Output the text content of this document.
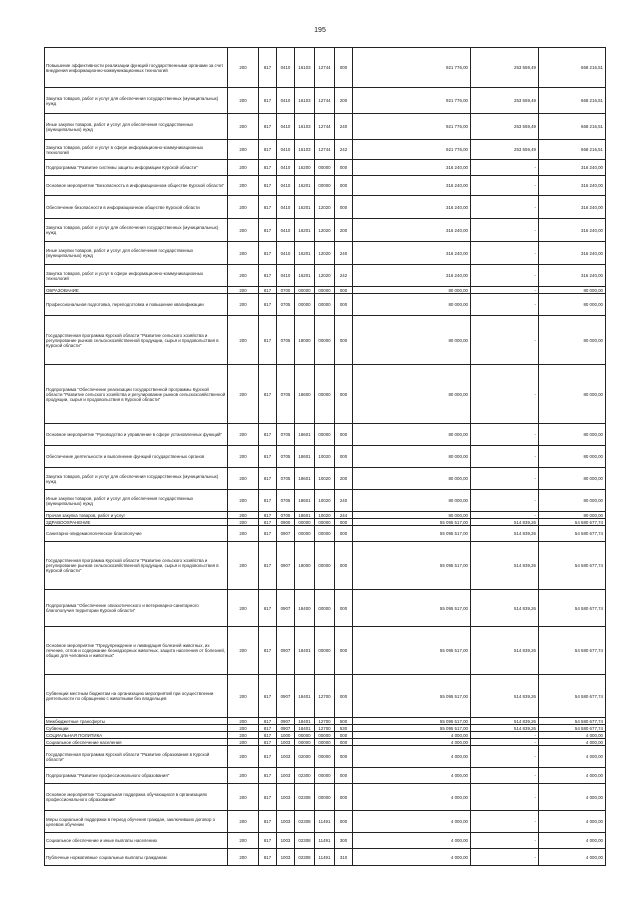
195
Повышение эффективности реализации функций государственными органами за счет внедрения информационно-коммуникационных технологий	200	817	0410	16103	12744	000	921 776,00	253 559,49	668 216,51
Закупка товаров, работ и услуг для обеспечения государственных (муниципальных) нужд	200	817	0410	16103	12744	200	921 776,00	253 559,49	668 216,51
Иные закупки товаров, работ и услуг для обеспечения государственных (муниципальных) нужд	200	817	0410	16103	12744	240	921 776,00	253 559,49	668 216,51
Закупка товаров, работ и услуг в сфере информационно-коммуникационных технологий	200	817	0410	16103	12744	242	921 776,00	253 559,49	668 216,51
Подпрограмма "Развитие системы защиты информации Курской области"	200	817	0410	16200	00000	000	316 240,00	-	316 240,00
Основное мероприятие "Безопасность в информационном обществе Курской области"	200	817	0410	16201	00000	000	316 240,00	-	316 240,00
Обеспечение безопасности в информационном обществе Курской области	200	817	0410	16201	12020	000	316 240,00	-	316 240,00
Закупка товаров, работ и услуг для обеспечения государственных (муниципальных) нужд	200	817	0410	16201	12020	200	316 240,00	-	316 240,00
Иные закупки товаров, работ и услуг для обеспечения государственных (муниципальных) нужд	200	817	0410	16201	12020	240	316 240,00	-	316 240,00
Закупка товаров, работ и услуг в сфере информационно-коммуникационных технологий	200	817	0410	16201	12020	242	316 240,00	-	316 240,00
ОБРАЗОВАНИЕ	200	817	0700	00000	00000	000	80 000,00	-	80 000,00
Профессиональная подготовка, переподготовка и повышение квалификации	200	817	0705	00000	00000	000	80 000,00	-	80 000,00
Государственная программа Курской области "Развитие сельского хозяйства и регулирование рынков сельскохозяйственной продукции, сырья и продовольствия в Курской области"	200	817	0705	18000	00000	000	80 000,00	-	80 000,00
Подпрограмма "Обеспечение реализации государственной программы Курской области "Развитие сельского хозяйства и регулирование рынков сельскохозяйственной продукции, сырья и продовольствия в Курской области"	200	817	0705	18600	00000	000	80 000,00	-	80 000,00
Основное мероприятие "Руководство и управление в сфере установленных функций"	200	817	0705	18601	00000	000	80 000,00	-	80 000,00
Обеспечение деятельности и выполнение функций государственных органов	200	817	0705	18601	10020	000	80 000,00	-	80 000,00
Закупка товаров, работ и услуг для обеспечения государственных (муниципальных) нужд	200	817	0705	18601	10020	200	80 000,00	-	80 000,00
Иные закупки товаров, работ и услуг для обеспечения государственных (муниципальных) нужд	200	817	0705	18601	10020	240	80 000,00	-	80 000,00
Прочая закупка товаров, работ и услуг	200	817	0705	18601	10020	244	80 000,00	-	80 000,00
ЗДРАВООХРАНЕНИЕ	200	817	0900	00000	00000	000	55 095 517,00	514 839,26	54 580 677,74
Санитарно-эпидемиологическое благополучие	200	817	0907	00000	00000	000	55 095 517,00	514 839,26	54 580 677,74
Государственная программа Курской области "Развитие сельского хозяйства и регулирование рынков сельскохозяйственной продукции, сырья и продовольствия в Курской области"	200	817	0907	18000	00000	000	55 095 517,00	514 839,26	54 580 677,74
Подпрограмма "Обеспечение эпизоотического и ветеринарно-санитарного благополучия территории Курской области"	200	817	0907	18400	00000	000	55 095 517,00	514 839,26	54 580 677,74
Основное мероприятие "Предупреждение и ликвидация болезней животных, их лечение, отлов и содержание безнадзорных животных, защита населения от болезней, общих для человека и животных"	200	817	0907	18401	00000	000	55 095 517,00	514 839,26	54 580 677,74
Субвенции местным бюджетам на организацию мероприятий при осуществлении деятельности по обращению с животными без владельцев	200	817	0907	18401	12700	000	55 095 517,00	514 839,26	54 580 677,74
Межбюджетные трансферты	200	817	0907	18401	12700	500	55 095 517,00	514 839,26	54 580 677,74
Субвенции	200	817	0907	18401	12700	530	55 095 517,00	514 839,26	54 580 677,74
СОЦИАЛЬНАЯ ПОЛИТИКА	200	817	1000	00000	00000	000	4 000,00	-	4 000,00
Социальное обеспечение населения	200	817	1003	00000	00000	000	4 000,00	-	4 000,00
Государственная программа Курской области "Развитие образования в Курской области"	200	817	1003	02000	00000	000	4 000,00	-	4 000,00
Подпрограмма "Развитие профессионального образования"	200	817	1003	02300	00000	000	4 000,00	-	4 000,00
Основное мероприятие "Социальная поддержка обучающихся в организациях профессионального образования"	200	817	1003	02308	00000	000	4 000,00	-	4 000,00
Меры социальной поддержки в период обучения граждан, заключивших договор о целевом обучении	200	817	1003	02308	11491	000	4 000,00	-	4 000,00
Социальное обеспечение и иные выплаты населению	200	817	1003	02308	11491	300	4 000,00	-	4 000,00
Публичные нормативные социальные выплаты гражданам	200	817	1003	02308	11491	310	4 000,00	-	4 000,00
